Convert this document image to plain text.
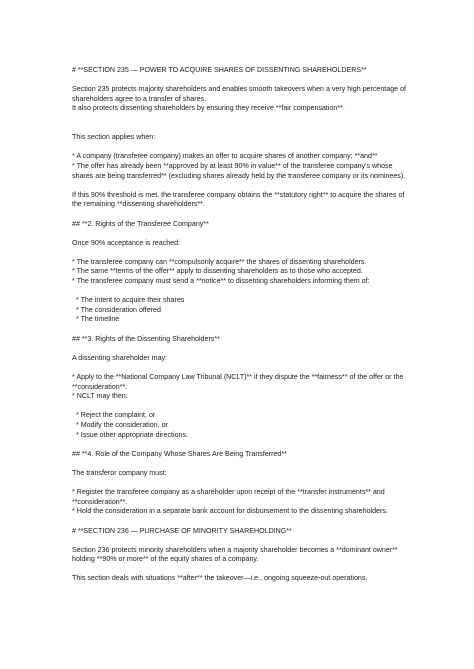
# **SECTION 235 — POWER TO ACQUIRE SHARES OF DISSENTING SHAREHOLDERS**

Section 235 protects majority shareholders and enables smooth takeovers when a very high percentage of shareholders agree to a transfer of shares.

It also protects dissenting shareholders by ensuring they receive **fair compensation**.

This section applies when:

* A company (transferee company) makes an offer to acquire shares of another company; **and**

* The offer has already been **approved by at least 90% in value** of the transferee company's whose shares are being transferred** (excluding shares already held by the transferee company or its nominees).

If this 90% threshold is met, the transferee company obtains the **statutory right** to acquire the shares of the remaining **dissenting shareholders**.

## **2. Rights of the Transferee Company**

Once 90% acceptance is reached:

* The transferee company can **compulsorily acquire** the shares of dissenting shareholders.

* The same **terms of the offer** apply to dissenting shareholders as to those who accepted.

* The transferee company must send a **notice** to dissenting shareholders informing them of:

* The intent to acquire their shares

* The consideration offered

* The timeline

## **3. Rights of the Dissenting Shareholders**

A dissenting shareholder may:

* Apply to the **National Company Law Tribunal (NCLT)** if they dispute the **fairness** of the offer or the **consideration**.

* NCLT may then:

* Reject the complaint, or

* Modify the consideration, or

* Issue other appropriate directions.

## **4. Role of the Company Whose Shares Are Being Transferred**

The transferor company must:

* Register the transferee company as a shareholder upon receipt of the **transfer instruments** and **consideration**.

* Hold the consideration in a separate bank account for disbursement to the dissenting shareholders.

# **SECTION 236 — PURCHASE OF MINORITY SHAREHOLDING**

Section 236 protects minority shareholders when a majority shareholder becomes a **dominant owner** holding **90% or more** of the equity shares of a company.

This section deals with situations **after** the takeover—i.e., ongoing squeeze-out operations.
